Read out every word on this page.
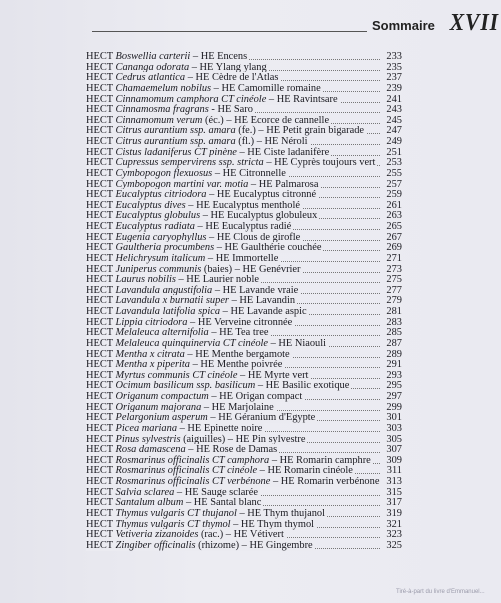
Sommaire XVII
HECT Boswellia carterii – HE Encens	233
HECT Cananga odorata – HE Ylang ylang	235
HECT Cedrus atlantica – HE Cèdre de l'Atlas	237
HECT Chamaemelum nobilus – HE Camomille romaine	239
HECT Cinnamomum camphora CT cinéole – HE Ravintsare	241
HECT Cinnamosma fragrans - HE Saro	243
HECT Cinnamomum verum (éc.) – HE Ecorce de cannelle	245
HECT Citrus aurantium ssp. amara (fe.) – HE Petit grain bigarade 247
HECT Citrus aurantium ssp. amara (fl.) – HE Néroli	249
HECT Cistus ladaniferus CT pinène – HE Ciste ladanifère	251
HECT Cupressus sempervirens ssp. stricta – HE Cyprès toujours vert 253
HECT Cymbopogon flexuosus – HE Citronnelle	255
HECT Cymbopogon martini var. motia – HE Palmarosa	257
HECT Eucalyptus citriodora – HE Eucalyptus citronné	259
HECT Eucalyptus dives – HE Eucalyptus mentholé	261
HECT Eucalyptus globulus – HE Eucalyptus globuleux	263
HECT Eucalyptus radiata – HE Eucalyptus radié	265
HECT Eugenia caryophyllus – HE Clous de girofle	267
HECT Gaultheria procumbens – HE Gaulthérie couchée	269
HECT Helichrysum italicum – HE Immortelle	271
HECT Juniperus communis (baies) – HE Genévrier	273
HECT Laurus nobilis – HE Laurier noble	275
HECT Lavandula angustifolia – HE Lavande vraie	277
HECT Lavandula x burnatii super – HE Lavandin	279
HECT Lavandula latifolia spica – HE Lavande aspic	281
HECT Lippia citriodora – HE Verveine citronnée	283
HECT Melaleuca alternifolia – HE Tea tree	285
HECT Melaleuca quinquinervia CT cinéole – HE Niaouli	287
HECT Mentha x citrata – HE Menthe bergamote	289
HECT Mentha x piperita – HE Menthe poivrée	291
HECT Myrtus communis CT cinéole – HE Myrte vert	293
HECT Ocimum basilicum ssp. basilicum – HE Basilic exotique	295
HECT Origanum compactum – HE Origan compact	297
HECT Origanum majorana – HE Marjolaine	299
HECT Pelargonium asperum – HE Géranium d'Egypte	301
HECT Picea mariana – HE Epinette noire	303
HECT Pinus sylvestris (aiguilles) – HE Pin sylvestre	305
HECT Rosa damascena – HE Rose de Damas	307
HECT Rosmarinus officinalis CT camphora – HE Romarin camphre 309
HECT Rosmarinus officinalis CT cinéole – HE Romarin cinéole	311
HECT Rosmarinus officinalis CT verbénone – HE Romarin verbénone 313
HECT Salvia sclarea – HE Sauge sclarée	315
HECT Santalum album – HE Santal blanc	317
HECT Thymus vulgaris CT thujanol – HE Thym thujanol	319
HECT Thymus vulgaris CT thymol – HE Thym thymol	321
HECT Vetiveria zizanoides (rac.) – HE Vétivert	323
HECT Zingiber officinalis (rhizome) – HE Gingembre	325
Tiré-à-part du livre d'Emmanuel...
